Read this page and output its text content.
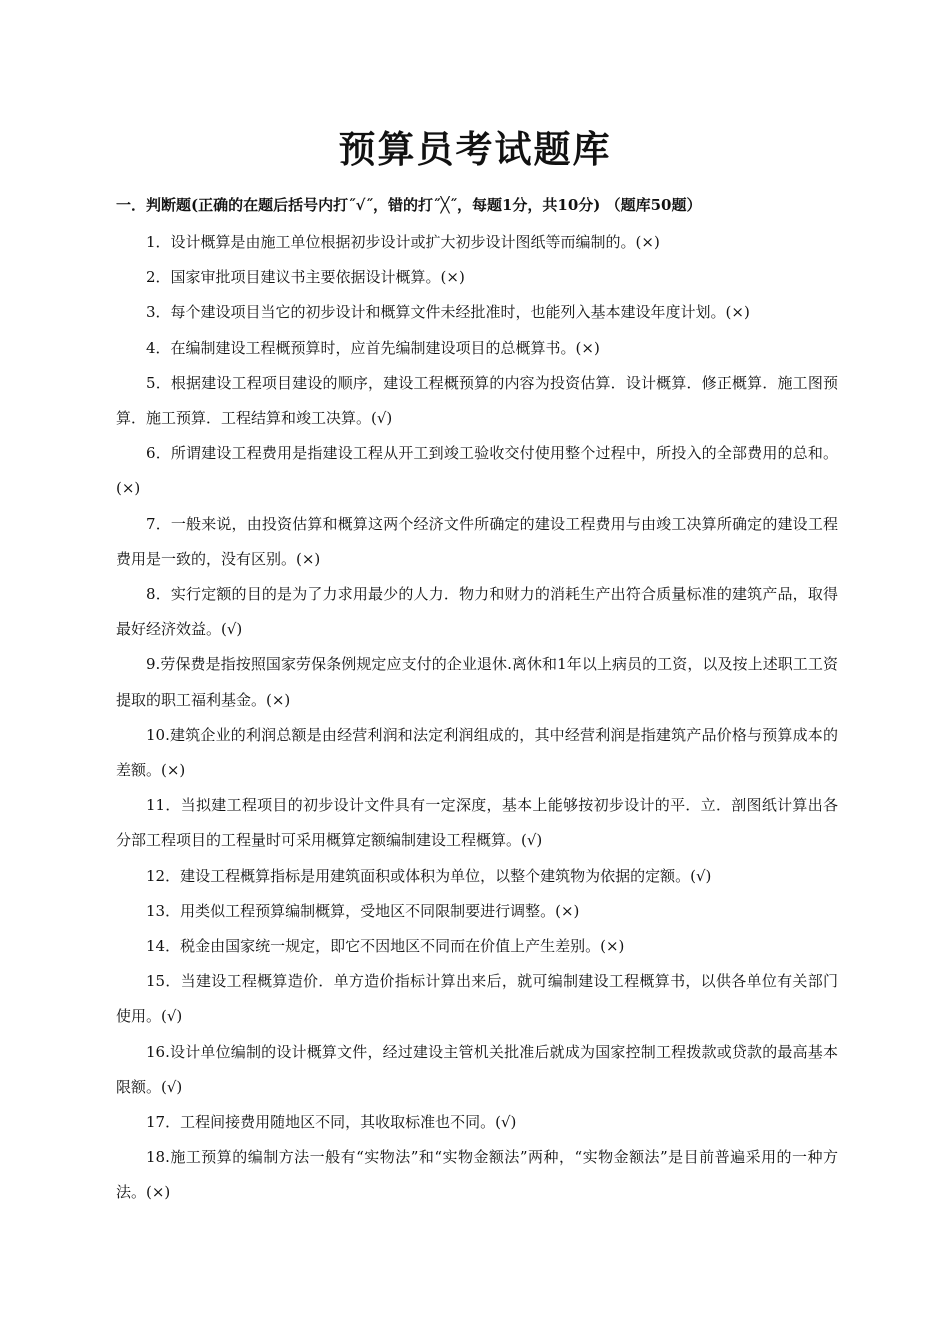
预算员考试题库
一．判断题(正确的在题后括号内打˝√˝，错的打˝╳˝，每题1分，共10分) （题库50题）

1．设计概算是由施工单位根据初步设计或扩大初步设计图纸等而编制的。(×)

2．国家审批项目建议书主要依据设计概算。(×)

3．每个建设项目当它的初步设计和概算文件未经批准时，也能列入基本建设年度计划。(×)

4．在编制建设工程概预算时，应首先编制建设项目的总概算书。(×)

5．根据建设工程项目建设的顺序，建设工程概预算的内容为投资估算．设计概算．修正概算．施工图预算．施工预算．工程结算和竣工决算。(√)

6．所谓建设工程费用是指建设工程从开工到竣工验收交付使用整个过程中，所投入的全部费用的总和。(×)

7．一般来说，由投资估算和概算这两个经济文件所确定的建设工程费用与由竣工决算所确定的建设工程费用是一致的，没有区别。(×)

8．实行定额的目的是为了力求用最少的人力．物力和财力的消耗生产出符合质量标准的建筑产品，取得最好经济效益。(√)

9.劳保费是指按照国家劳保条例规定应支付的企业退休.离休和1年以上病员的工资，以及按上述职工工资提取的职工福利基金。(×)

10.建筑企业的利润总额是由经营利润和法定利润组成的，其中经营利润是指建筑产品价格与预算成本的差额。(×)

11．当拟建工程项目的初步设计文件具有一定深度，基本上能够按初步设计的平．立．剖图纸计算出各分部工程项目的工程量时可采用概算定额编制建设工程概算。(√)

12．建设工程概算指标是用建筑面积或体积为单位，以整个建筑物为依据的定额。(√)

13．用类似工程预算编制概算，受地区不同限制要进行调整。(×)

14．税金由国家统一规定，即它不因地区不同而在价值上产生差别。(×)

15．当建设工程概算造价．单方造价指标计算出来后，就可编制建设工程概算书，以供各单位有关部门使用。(√)

16.设计单位编制的设计概算文件，经过建设主管机关批准后就成为国家控制工程拨款或贷款的最高基本限额。(√)

17．工程间接费用随地区不同，其收取标准也不同。(√)

18.施工预算的编制方法一般有“实物法”和“实物金额法”两种，“实物金额法”是目前普遍采用的一种方法。(×)
